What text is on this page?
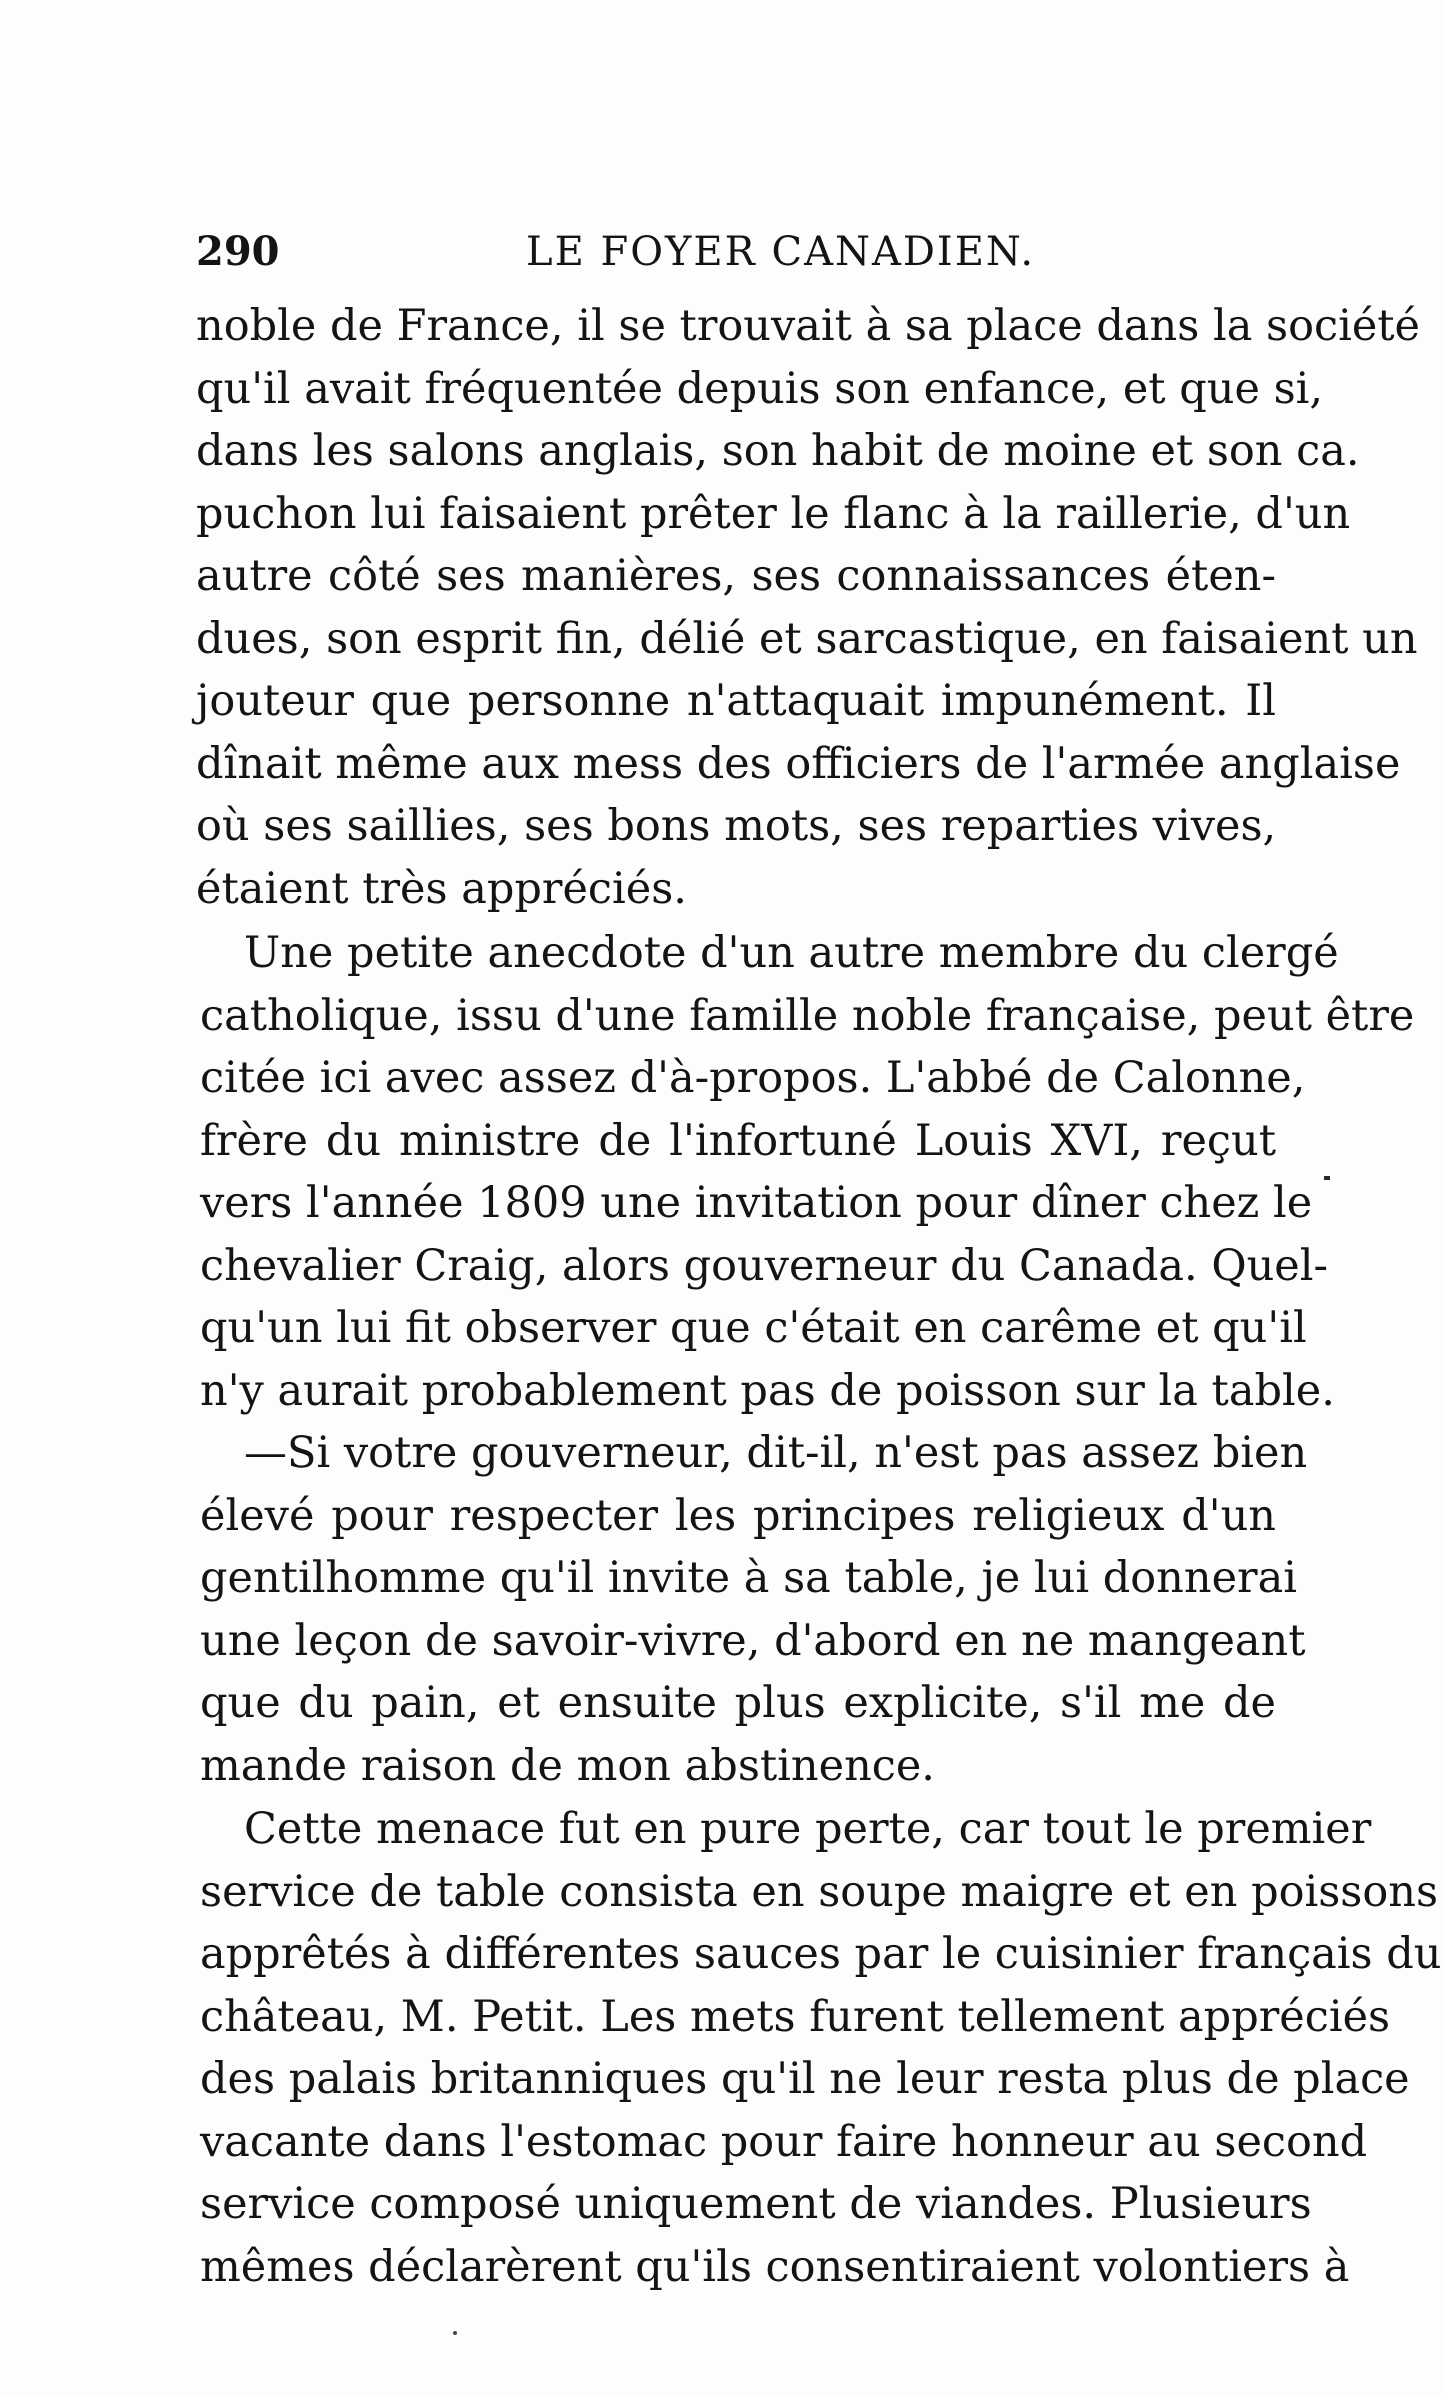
290	LE FOYER CANADIEN.
noble de France, il se trouvait à sa place dans la société
qu'il avait fréquentée depuis son enfance, et que si,
dans les salons anglais, son habit de moine et son ca.
puchon lui faisaient prêter le flanc à la raillerie, d'un
autre côté ses manières, ses connaissances éten-
dues, son esprit fin, délié et sarcastique, en faisaient un
jouteur que personne n'attaquait impunément. Il
dînait même aux mess des officiers de l'armée anglaise
où ses saillies, ses bons mots, ses reparties vives,
étaient très appréciés.
Une petite anecdote d'un autre membre du clergé
catholique, issu d'une famille noble française, peut être
citée ici avec assez d'à-propos. L'abbé de Calonne,
frère du ministre de l'infortuné Louis XVI, reçut
vers l'année 1809 une invitation pour dîner chez le
chevalier Craig, alors gouverneur du Canada. Quel-
qu'un lui fit observer que c'était en carême et qu'il
n'y aurait probablement pas de poisson sur la table.
—Si votre gouverneur, dit-il, n'est pas assez bien
élevé pour respecter les principes religieux d'un
gentilhomme qu'il invite à sa table, je lui donnerai
une leçon de savoir-vivre, d'abord en ne mangeant
que du pain, et ensuite plus explicite, s'il me de
mande raison de mon abstinence.
Cette menace fut en pure perte, car tout le premier
service de table consista en soupe maigre et en poissons
apprêtés à différentes sauces par le cuisinier français du
château, M. Petit. Les mets furent tellement appréciés
des palais britanniques qu'il ne leur resta plus de place
vacante dans l'estomac pour faire honneur au second
service composé uniquement de viandes. Plusieurs
mêmes déclarèrent qu'ils consentiraient volontiers à
